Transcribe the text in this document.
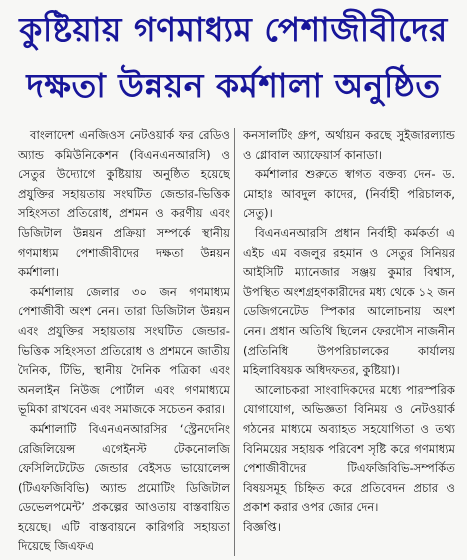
কুষ্টিয়ায় গণমাধ্যম পেশাজীবীদের
দক্ষতা উন্নয়ন কর্মশালা অনুষ্ঠিত

বাংলাদেশ এনজিওস নেটওয়ার্ক ফর রেডিও অ্যান্ড কমিউনিকেশন (বিএনএনআরসি) ও সেতুর উদ্যোগে কুষ্টিয়ায় অনুষ্ঠিত হয়েছে প্রযুক্তির সহায়তায় সংঘটিত জেন্ডার-ভিত্তিক সহিংসতা প্রতিরোধ, প্রশমন ও করণীয় এবং ডিজিটাল উন্নয়ন প্রক্রিয়া সম্পর্কে স্থানীয় গণমাধ্যম পেশাজীবীদের দক্ষতা উন্নয়ন কর্মশালা।

কর্মশালায় জেলার ৩০ জন গণমাধ্যম পেশাজীবী অংশ নেন। তারা ডিজিটাল উন্নয়ন এবং প্রযুক্তির সহায়তায় সংঘটিত জেন্ডার-ভিত্তিক সহিংসতা প্রতিরোধ ও প্রশমনে জাতীয় দৈনিক, টিভি, স্থানীয় দৈনিক পত্রিকা এবং অনলাইন নিউজ পোর্টাল এবং গণমাধ্যমে ভূমিকা রাখবেন এবং সমাজকে সচেতন করার।

কর্মশালাটি বিএনএনআরসির ‘স্ট্রেনদেনিং রেজিলিয়েন্স এগেইনস্ট টেকনোলজি ফেসিলিটেটেড জেন্ডার বেইসড ভায়োলেন্স (টিএফজিবিভি) অ্যান্ড প্রমোটিং ডিজিটাল ডেভেলপমেন্ট’ প্রকল্পের আওতায় বাস্তবায়িত হয়েছে। এটি বাস্তবায়নে কারিগরি সহায়তা দিয়েছে জিএফএ

কনসালটিং গ্রুপ, অর্থায়ন করছে সুইজারল্যান্ড ও গ্লোবাল অ্যাফেয়ার্স কানাডা।

কর্মশালার শুরুতে স্বাগত বক্তব্য দেন- ড. মোহাঃ আবদুল কাদের, (নির্বাহী পরিচালক, সেতু)।

বিএনএনআরসি প্রধান নির্বাহী কর্মকর্তা এ এইচ এম বজলুর রহমান ও সেতুর সিনিয়র আইসিটি ম্যানেজার সঞ্জয় কুমার বিশ্বাস, উপস্থিত অংশগ্রহণকারীদের মধ্য থেকে ১২ জন ডেজিগনেটেড স্পিকার আলোচনায় অংশ নেন। প্রধান অতিথি ছিলেন ফেরদৌস নাজনীন (প্রতিনিধি উপপরিচালকের কার্যালয় মহিলাবিষয়ক অধিদফতর, কুষ্টিয়া)।

আলোচকরা সাংবাদিকদের মধ্যে পারস্পরিক যোগাযোগ, অভিজ্ঞতা বিনিময় ও নেটওয়ার্ক গঠনের মাধ্যমে অব্যাহত সহযোগিতা ও তথ্য বিনিময়ের সহায়ক পরিবেশ সৃষ্টি করে গণমাধ্যম পেশাজীবীদের টিএফজিবিভি-সম্পর্কিত বিষয়সমূহ চিহ্নিত করে প্রতিবেদন প্রচার ও প্রকাশ করার ওপর জোর দেন।

বিজ্ঞপ্তি।
